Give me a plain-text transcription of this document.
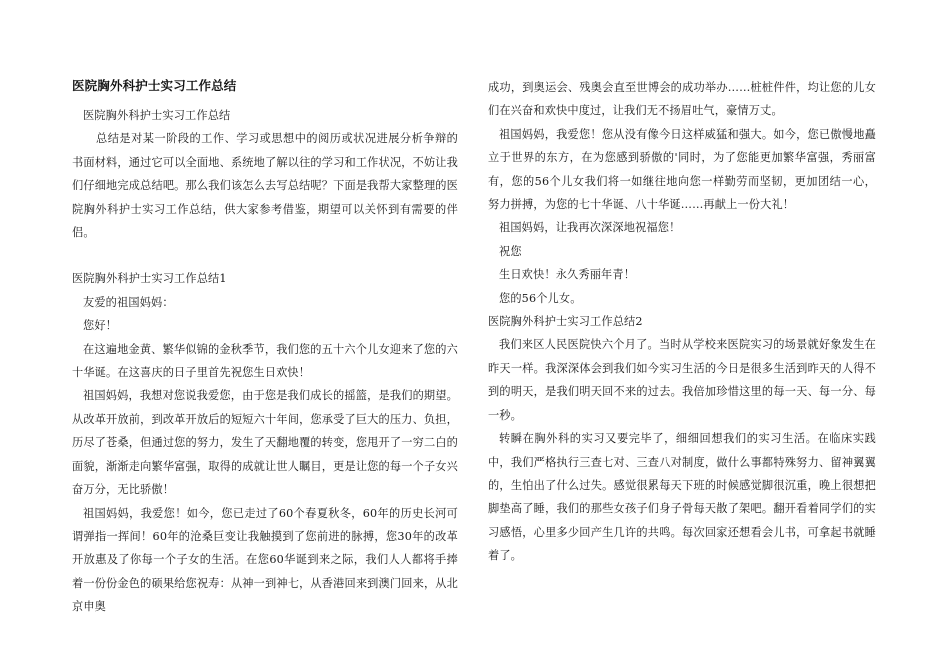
医院胸外科护士实习工作总结

医院胸外科护士实习工作总结

总结是对某一阶段的工作、学习或思想中的阅历或状况进展分析争辩的书面材料，通过它可以全面地、系统地了解以往的学习和工作状况，不妨让我们仔细地完成总结吧。那么我们该怎么去写总结呢？下面是我帮大家整理的医院胸外科护士实习工作总结，供大家参考借鉴，期望可以关怀到有需要的伴侣。

医院胸外科护士实习工作总结1

友爱的祖国妈妈：

您好！

在这遍地金黄、繁华似锦的金秋季节，我们您的五十六个儿女迎来了您的六十华诞。在这喜庆的日子里首先祝您生日欢快！

祖国妈妈，我想对您说我爱您，由于您是我们成长的摇篮，是我们的期望。从改革开放前，到改革开放后的短短六十年间，您承受了巨大的压力、负担，历尽了苍桑，但通过您的努力，发生了天翻地覆的转变，您甩开了一穷二白的面貌，渐渐走向繁华富强，取得的成就让世人瞩目，更是让您的每一个子女兴奋万分，无比骄傲！

祖国妈妈，我爱您！如今，您已走过了60个春夏秋冬，60年的历史长河可谓弹指一挥间！60年的沧桑巨变让我触摸到了您前进的脉搏，您30年的改革开放惠及了你每一个子女的生活。在您60华诞到来之际，我们人人都将手捧着一份份金色的硕果给您祝寿：从神一到神七，从香港回来到澳门回来，从北京申奥

成功，到奥运会、残奥会直至世博会的成功举办……桩桩件件，均让您的儿女们在兴奋和欢快中度过，让我们无不扬眉吐气，豪情万丈。

祖国妈妈，我爱您！您从没有像今日这样威猛和强大。如今，您已傲慢地矗立于世界的东方，在为您感到骄傲的'同时，为了您能更加繁华富强，秀丽富有，您的56个儿女我们将一如继往地向您一样勤劳而坚韧，更加团结一心，努力拼搏，为您的七十华诞、八十华诞……再献上一份大礼！

祖国妈妈，让我再次深深地祝福您！

祝您

生日欢快！永久秀丽年青！

您的56个儿女。

医院胸外科护士实习工作总结2

我们来区人民医院快六个月了。当时从学校来医院实习的场景就好象发生在昨天一样。我深深体会到我们如今实习生活的今日是很多生活到昨天的人得不到的明天，是我们明天回不来的过去。我倍加珍惜这里的每一天、每一分、每一秒。

转瞬在胸外科的实习又要完毕了，细细回想我们的实习生活。在临床实践中，我们严格执行三查七对、三查八对制度，做什么事都特殊努力、留神翼翼的，生怕出了什么过失。感觉很累每天下班的时候感觉脚很沉重，晚上很想把脚垫高了睡，我们的那些女孩子们身子骨每天散了架吧。翻开看着同学们的实习感悟，心里多少回产生几许的共鸣。每次回家还想看会儿书，可拿起书就睡着了。
